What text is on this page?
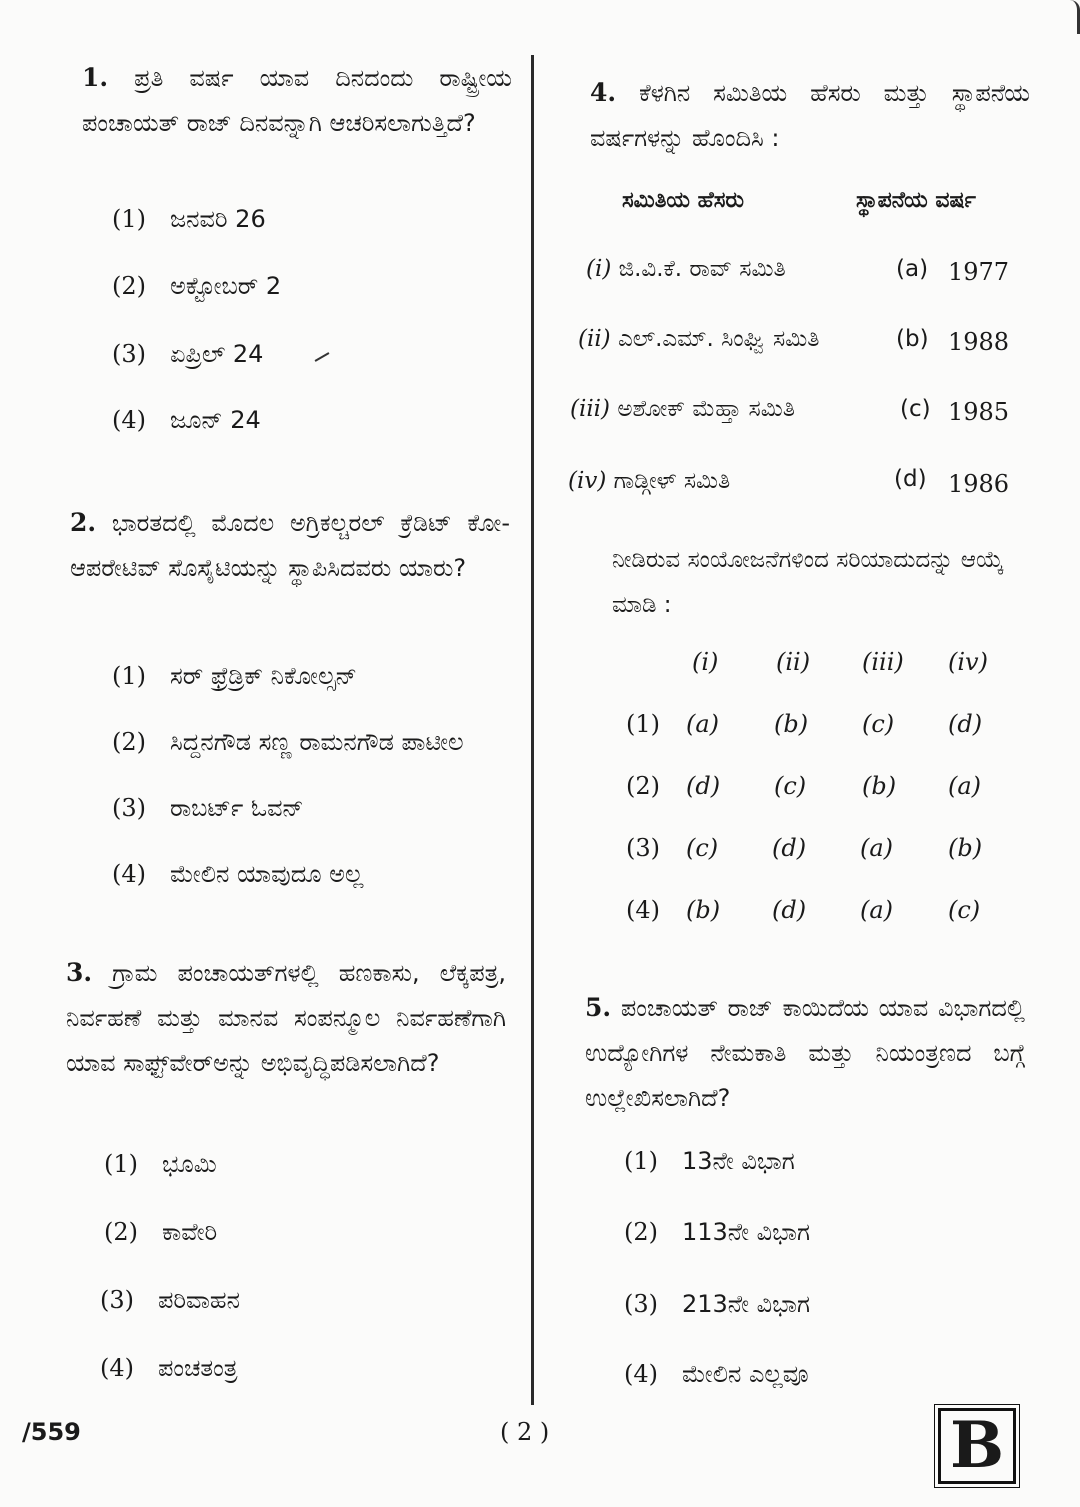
1. ಪ್ರತಿ ವರ್ಷ ಯಾವ ದಿನದಂದು ರಾಷ್ಟ್ರೀಯ ಪಂಚಾಯತ್ ರಾಜ್ ದಿನವನ್ನಾಗಿ ಆಚರಿಸಲಾಗುತ್ತಿದೆ?
(1) ಜನವರಿ 26
(2) ಅಕ್ಟೋಬರ್ 2
(3) ಏಪ್ರಿಲ್ 24
(4) ಜೂನ್ 24
2. ಭಾರತದಲ್ಲಿ ಮೊದಲ ಅಗ್ರಿಕಲ್ಚರಲ್ ಕ್ರೆಡಿಟ್ ಕೋ-ಆಪರೇಟಿವ್ ಸೊಸೈಟಿಯನ್ನು ಸ್ಥಾಪಿಸಿದವರು ಯಾರು?
(1) ಸರ್ ಫ್ರೆಡ್ರಿಕ್ ನಿಕೋಲ್ಸನ್
(2) ಸಿದ್ದನಗೌಡ ಸಣ್ಣ ರಾಮನಗೌಡ ಪಾಟೀಲ
(3) ರಾಬರ್ಟ್ ಓವನ್
(4) ಮೇಲಿನ ಯಾವುದೂ ಅಲ್ಲ
3. ಗ್ರಾಮ ಪಂಚಾಯತ್‌ಗಳಲ್ಲಿ ಹಣಕಾಸು, ಲೆಕ್ಕಪತ್ರ, ನಿರ್ವಹಣೆ ಮತ್ತು ಮಾನವ ಸಂಪನ್ಮೂಲ ನಿರ್ವಹಣೆಗಾಗಿ ಯಾವ ಸಾಫ್ಟ್‌ವೇರ್‌ಅನ್ನು ಅಭಿವೃದ್ಧಿಪಡಿಸಲಾಗಿದೆ?
(1) ಭೂಮಿ
(2) ಕಾವೇರಿ
(3) ಪರಿವಾಹನ
(4) ಪಂಚತಂತ್ರ
4. ಕೆಳಗಿನ ಸಮಿತಿಯ ಹೆಸರು ಮತ್ತು ಸ್ಥಾಪನೆಯ ವರ್ಷಗಳನ್ನು ಹೊಂದಿಸಿ :
ಸಮಿತಿಯ ಹೆಸರು	ಸ್ಥಾಪನೆಯ ವರ್ಷ
(i) ಜಿ.ವಿ.ಕೆ. ರಾವ್ ಸಮಿತಿ	(a) 1977
(ii) ಎಲ್.ಎಮ್. ಸಿಂಘ್ವಿ ಸಮಿತಿ	(b) 1988
(iii) ಅಶೋಕ್ ಮೆಹ್ತಾ ಸಮಿತಿ	(c) 1985
(iv) ಗಾಡ್ಗೀಳ್ ಸಮಿತಿ	(d) 1986
ನೀಡಿರುವ ಸಂಯೋಜನೆಗಳಿಂದ ಸರಿಯಾದುದನ್ನು ಆಯ್ಕೆ ಮಾಡಿ :
(i) (ii) (iii) (iv)
(1) (a) (b) (c) (d)
(2) (d) (c) (b) (a)
(3) (c) (d) (a) (b)
(4) (b) (d) (a) (c)
5. ಪಂಚಾಯತ್ ರಾಜ್ ಕಾಯಿದೆಯ ಯಾವ ವಿಭಾಗದಲ್ಲಿ ಉದ್ಯೋಗಿಗಳ ನೇಮಕಾತಿ ಮತ್ತು ನಿಯಂತ್ರಣದ ಬಗ್ಗೆ ಉಲ್ಲೇಖಿಸಲಾಗಿದೆ?
(1) 13ನೇ ವಿಭಾಗ
(2) 113ನೇ ವಿಭಾಗ
(3) 213ನೇ ವಿಭಾಗ
(4) ಮೇಲಿನ ಎಲ್ಲವೂ
/559	( 2 )	B
